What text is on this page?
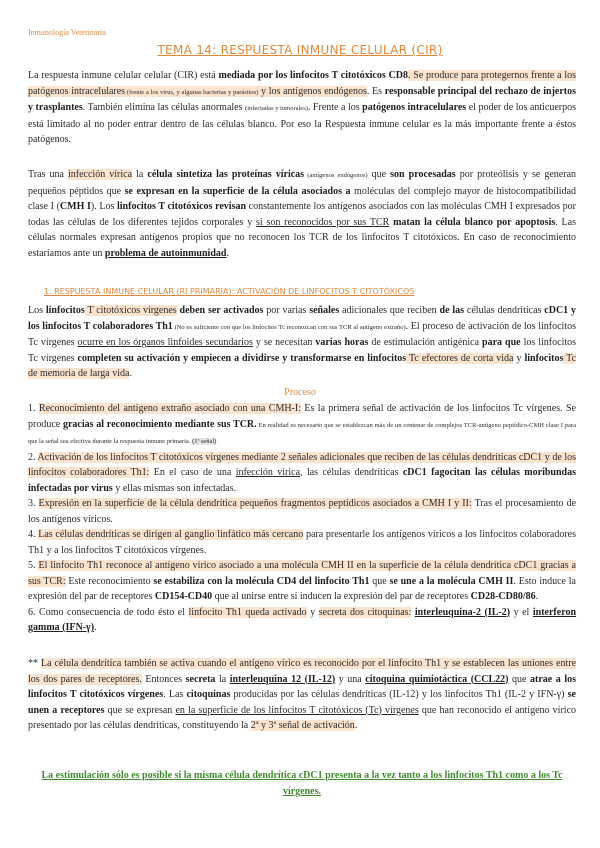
Inmunología Veterinaria
TEMA 14: RESPUESTA INMUNE CELULAR (CIR)

La respuesta inmune celular celular (CIR) está mediada por los linfocitos T citotóxicos CD8. Se produce para protegernos frente a los patógenos intracelulares (frente a los virus, y algunas bacterias y parásitos) y los antígenos endógenos. Es responsable principal del rechazo de injertos y trasplantes. También elimina las células anormales (infectadas y tumorales). Frente a los patógenos intracelulares el poder de los anticuerpos está limitado al no poder entrar dentro de las células blanco. Por eso la Respuesta inmune celular es la más importante frente a éstos patógenos.

Tras una infección vírica la célula sintetiza las proteínas víricas (antígenos endógenos) que son procesadas por proteólisis y se generan pequeños péptidos que se expresan en la superficie de la célula asociados a moléculas del complejo mayor de histocompatibilidad clase I (CMH I). Los linfocitos T citotóxicos revisan constantemente los antígenos asociados con las moléculas CMH I expresados por todas las células de los diferentes tejidos corporales y si son reconocidos por sus TCR matan la célula blanco por apoptosis. Las células normales expresan antígenos propios que no reconocen los TCR de los linfocitos T citotóxicos. En caso de reconocimiento estaríamos ante un problema de autoinmunidad.

1. RESPUESTA INMUNE CELULAR (RI PRIMARIA): ACTIVACIÓN DE LINFOCITOS T CITOTÓXICOS

Los linfocitos T citotóxicos vírgenes deben ser activados por varias señales adicionales que reciben de las células dendríticas cDC1 y los linfocitos T colaboradores Th1 (No es suficiente con que los linfocitos Tc reconozcan con sus TCR al antígeno extraño). El proceso de activación de los linfocitos Tc vírgenes ocurre en los órganos linfoides secundarios y se necesitan varias horas de estimulación antigénica para que los linfocitos Tc vírgenes completen su activación y empiecen a dividirse y transformarse en linfocitos Tc efectores de corta vida y linfocitos Tc de memoria de larga vida.

Proceso

1. Reconocimiento del antígeno extraño asociado con una CMH-I: Es la primera señal de activación de los linfocitos Tc vírgenes. Se produce gracias al reconocimiento mediante sus TCR. En realidad es necesario que se establezcan más de un centenar de complejos TCR-antígeno peptídico-CMH clase I para que la señal sea efectiva durante la respuesta inmune primaria. (1ª señal)

2. Activación de los linfocitos T citotóxicos vírgenes mediante 2 señales adicionales que reciben de las células dendríticas cDC1 y de los linfocitos colaboradores Th1: En el caso de una infección vírica, las células dendríticas cDC1 fagocitan las células moribundas infectadas por virus y ellas mismas son infectadas.

3. Expresión en la superficie de la célula dendrítica pequeños fragmentos peptídicos asociados a CMH I y II: Tras el procesamiento de los antígenos víricos.

4. Las células dendríticas se dirigen al ganglio linfático más cercano para presentarle los antígenos víricos a los linfocitos colaboradores Th1 y a los linfocitos T citotóxicos vírgenes.

5. El linfocito Th1 reconoce al antígeno vírico asociado a una molécula CMH II en la superficie de la célula dendrítica cDC1 gracias a sus TCR: Este reconocimiento se estabiliza con la molécula CD4 del linfocito Th1 que se une a la molécula CMH II. Esto induce la expresión del par de receptores CD154-CD40 que al unirse entre sí inducen la expresión del par de receptores CD28-CD80/86.

6. Como consecuencia de todo ésto el linfocito Th1 queda activado y secreta dos citoquinas: interleuquina-2 (IL-2) y el interferon gamma (IFN-γ).

** La célula dendrítica también se activa cuando el antígeno vírico es reconocido por el linfocito Th1 y se establecen las uniones entre los dos pares de receptores. Entonces secreta la interleuquina 12 (IL-12) y una citoquina quimiotáctica (CCL22) que atrae a los linfocitos T citotóxicos vírgenes. Las citoquinas producidas por las células dendríticas (IL-12) y los linfocitos Th1 (IL-2 y IFN-γ) se unen a receptores que se expresan en la superficie de los linfocitos T citotóxicos (Tc) vírgenes que han reconocido el antígeno vírico presentado por las células dendríticas, constituyendo la 2ª y 3ª señal de activación.

La estimulación sólo es posible si la misma célula dendrítica cDC1 presenta a la vez tanto a los linfocitos Th1 como a los Tc vírgenes.
